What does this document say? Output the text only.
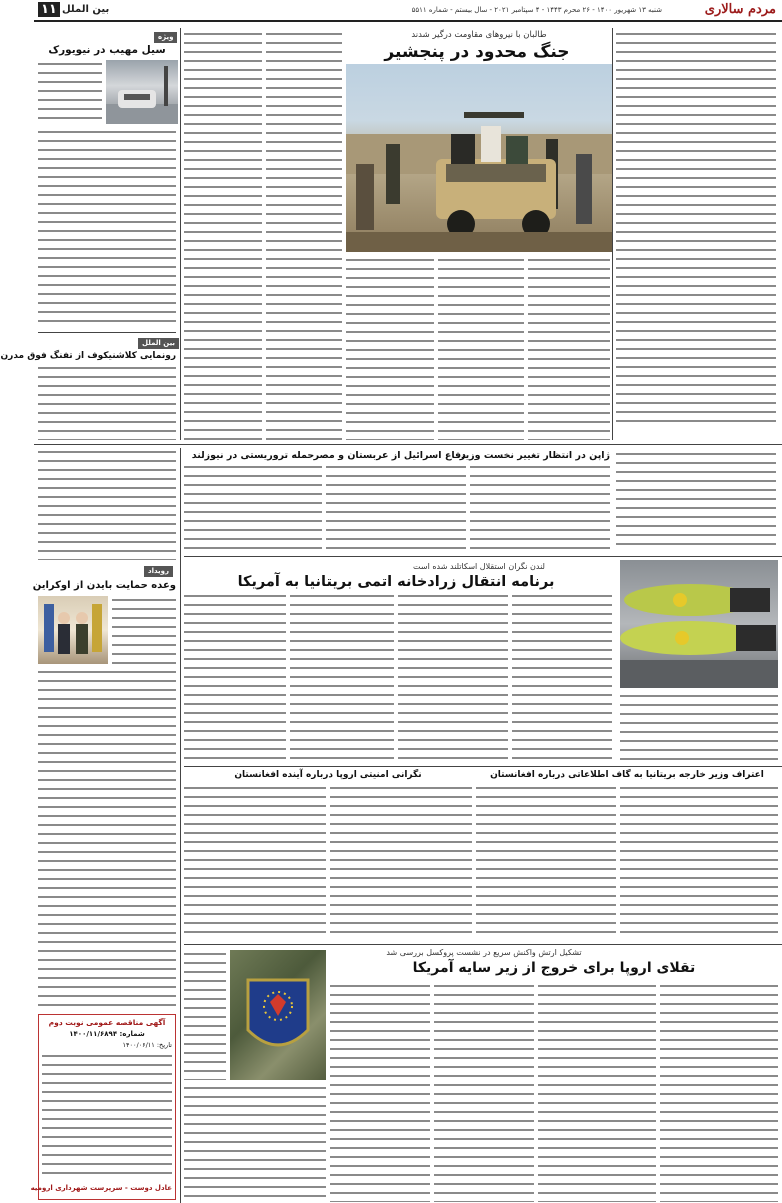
مردم سالاری
شنبه ۱۳ شهریور ۱۴۰۰ - ۲۶ محرم ۱۴۴۳ - ۴ سپتامبر ۲۰۲۱ - سال بیستم - شماره ۵۵۱۱
بین الملل
۱۱
طالبان با نیروهای مقاومت درگیر شدند
جنگ محدود در پنجشیر
ویژه
سیل مهیب در نیویورک
بین الملل
رونمایی کلاشنیکوف از تفنگ فوق مدرن
ژاپن در انتظار تغییر نخست وزیر
دفاع اسرائیل از عربستان و مصر
حمله تروریستی در نیوزلند
لندن نگران استقلال اسکاتلند شده است
برنامه انتقال زرادخانه اتمی بریتانیا به آمریکا
رویداد
وعده حمایت بایدن از اوکراین
اعتراف وزیر خارجه بریتانیا به گاف اطلاعاتی درباره افغانستان
نگرانی امنیتی اروپا درباره آینده افغانستان
تشکیل ارتش واکنش سریع در نشست پروکسل بررسی شد
تقلای اروپا برای خروج از زیر سایه آمریکا
آگهی مناقصه عمومی نوبت دوم
شماره: ۱۴۰۰/۱۱/۶۸۹۴
تاریخ: ۱۴۰۰/۰۶/۱۱
عادل دوست - سرپرست شهرداری ارومیه
